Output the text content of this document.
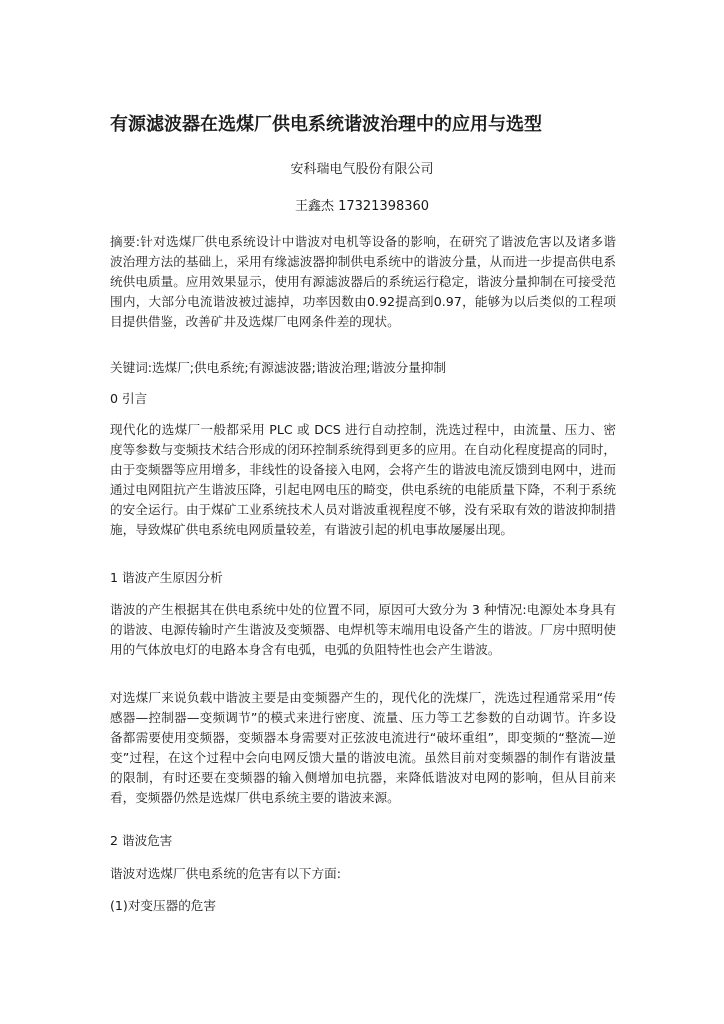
有源滤波器在选煤厂供电系统谐波治理中的应用与选型
安科瑞电气股份有限公司
王鑫杰 17321398360

摘要:针对选煤厂供电系统设计中谐波对电机等设备的影响，在研究了谐波危害以及诸多谐波治理方法的基础上，采用有缘滤波器抑制供电系统中的谐波分量，从而进一步提高供电系统供电质量。应用效果显示，使用有源滤波器后的系统运行稳定，谐波分量抑制在可接受范围内，大部分电流谐波被过滤掉，功率因数由0.92提高到0.97，能够为以后类似的工程项目提供借鉴，改善矿井及选煤厂电网条件差的现状。

关键词:选煤厂;供电系统;有源滤波器;谐波治理;谐波分量抑制

0 引言

现代化的选煤厂一般都采用 PLC 或 DCS 进行自动控制，洗选过程中，由流量、压力、密度等参数与变频技术结合形成的闭环控制系统得到更多的应用。在自动化程度提高的同时，由于变频器等应用增多，非线性的设备接入电网，会将产生的谐波电流反馈到电网中，进而通过电网阻抗产生谐波压降，引起电网电压的畸变，供电系统的电能质量下降，不利于系统的安全运行。由于煤矿工业系统技术人员对谐波重视程度不够，没有采取有效的谐波抑制措施，导致煤矿供电系统电网质量较差，有谐波引起的机电事故屡屡出现。

1 谐波产生原因分析

谐波的产生根据其在供电系统中处的位置不同，原因可大致分为 3 种情况:电源处本身具有的谐波、电源传输时产生谐波及变频器、电焊机等末端用电设备产生的谐波。厂房中照明使用的气体放电灯的电路本身含有电弧，电弧的负阻特性也会产生谐波。

对选煤厂来说负载中谐波主要是由变频器产生的，现代化的洗煤厂，洗选过程通常采用“传感器—控制器—变频调节”的模式来进行密度、流量、压力等工艺参数的自动调节。许多设备都需要使用变频器，变频器本身需要对正弦波电流进行“破坏重组”，即变频的“整流—逆变”过程，在这个过程中会向电网反馈大量的谐波电流。虽然目前对变频器的制作有谐波量的限制，有时还要在变频器的输入侧增加电抗器，来降低谐波对电网的影响，但从目前来看，变频器仍然是选煤厂供电系统主要的谐波来源。

2 谐波危害

谐波对选煤厂供电系统的危害有以下方面:

(1)对变压器的危害
